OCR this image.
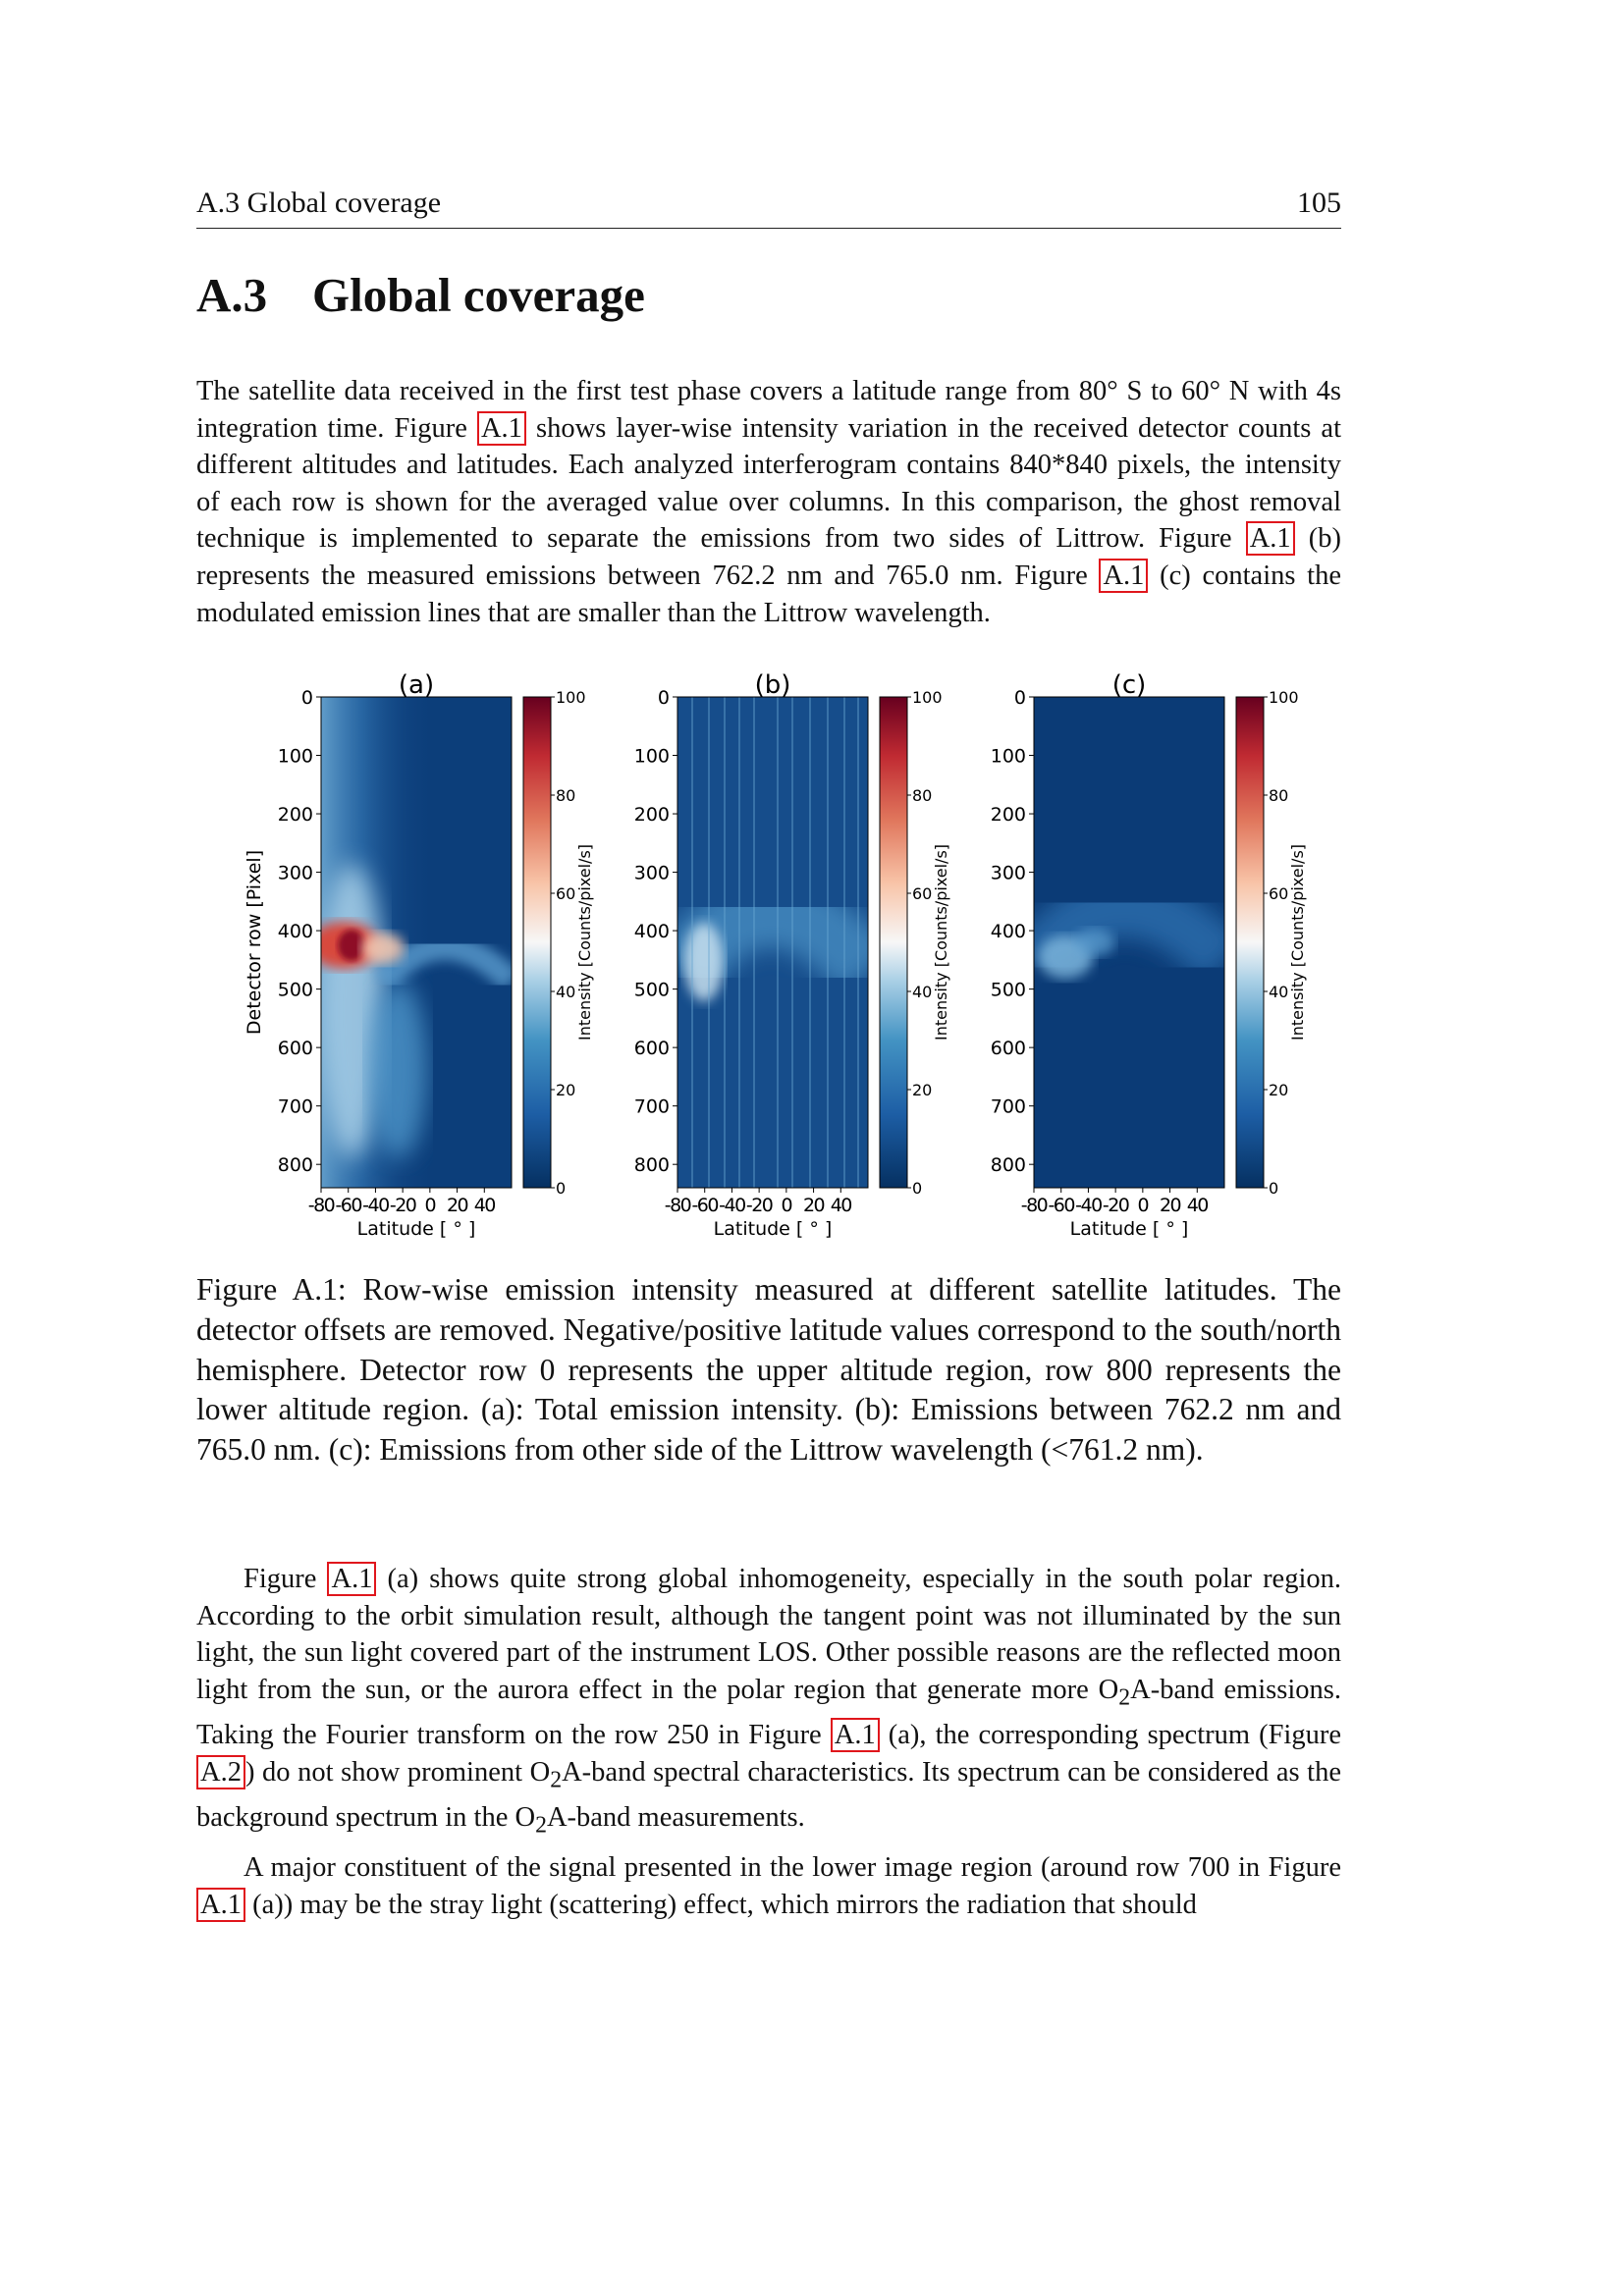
A.3 Global coverage	105
A.3 Global coverage

The satellite data received in the first test phase covers a latitude range from 80° S to 60° N with 4s integration time. Figure A.1 shows layer-wise intensity variation in the received detector counts at different altitudes and latitudes. Each analyzed interferogram contains 840*840 pixels, the intensity of each row is shown for the averaged value over columns. In this comparison, the ghost removal technique is implemented to separate the emissions from two sides of Littrow. Figure A.1 (b) represents the measured emissions between 762.2 nm and 765.0 nm. Figure A.1 (c) contains the modulated emission lines that are smaller than the Littrow wavelength.

(a)
0
100
200
300
400
500
600
700
800
-80 -60 -40 -20 0 20 40
Latitude [ ° ]
Detector row [Pixel]
0
20
40
60
80
100
Intensity [Counts/pixel/s]
(b)
0
100
200
300
400
500
600
700
800
-80 -60 -40 -20 0 20 40
Latitude [ ° ]
0
20
40
60
80
100
Intensity [Counts/pixel/s]
(c)
0
100
200
300
400
500
600
700
800
-80 -60 -40 -20 0 20 40
Latitude [ ° ]
0
20
40
60
80
100
Intensity [Counts/pixel/s]

Figure A.1: Row-wise emission intensity measured at different satellite latitudes. The detector offsets are removed. Negative/positive latitude values correspond to the south/north hemisphere. Detector row 0 represents the upper altitude region, row 800 represents the lower altitude region. (a): Total emission intensity. (b): Emissions between 762.2 nm and 765.0 nm. (c): Emissions from other side of the Littrow wavelength (<761.2 nm).

Figure A.1 (a) shows quite strong global inhomogeneity, especially in the south polar region. According to the orbit simulation result, although the tangent point was not illuminated by the sun light, the sun light covered part of the instrument LOS. Other possible reasons are the reflected moon light from the sun, or the aurora effect in the polar region that generate more $O_2A$-band emissions. Taking the Fourier transform on the row 250 in Figure A.1 (a), the corresponding spectrum (Figure A.2 ) do not show prominent $O_2A$-band spectral characteristics. Its spectrum can be considered as the background spectrum in the $O_2A$-band measurements.

A major constituent of the signal presented in the lower image region (around row 700 in Figure A.1 (a)) may be the stray light (scattering) effect, which mirrors the radiation that should
